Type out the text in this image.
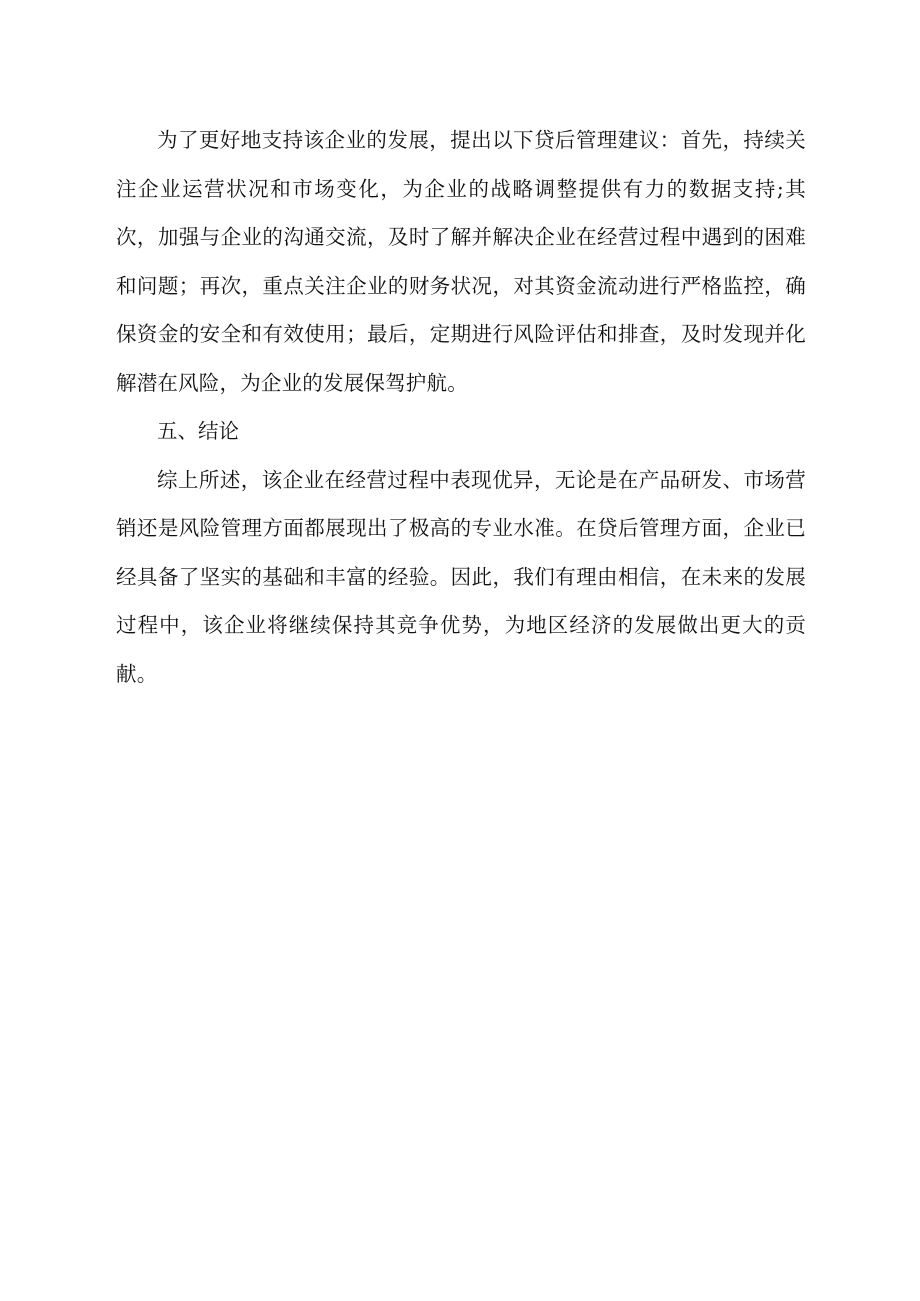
为了更好地支持该企业的发展，提出以下贷后管理建议：首先，持续关注企业运营状况和市场变化，为企业的战略调整提供有力的数据支持;其次，加强与企业的沟通交流，及时了解并解决企业在经营过程中遇到的困难和问题；再次，重点关注企业的财务状况，对其资金流动进行严格监控，确保资金的安全和有效使用；最后，定期进行风险评估和排查，及时发现并化解潜在风险，为企业的发展保驾护航。

五、结论

综上所述，该企业在经营过程中表现优异，无论是在产品研发、市场营销还是风险管理方面都展现出了极高的专业水准。在贷后管理方面，企业已经具备了坚实的基础和丰富的经验。因此，我们有理由相信，在未来的发展过程中，该企业将继续保持其竞争优势，为地区经济的发展做出更大的贡献。
